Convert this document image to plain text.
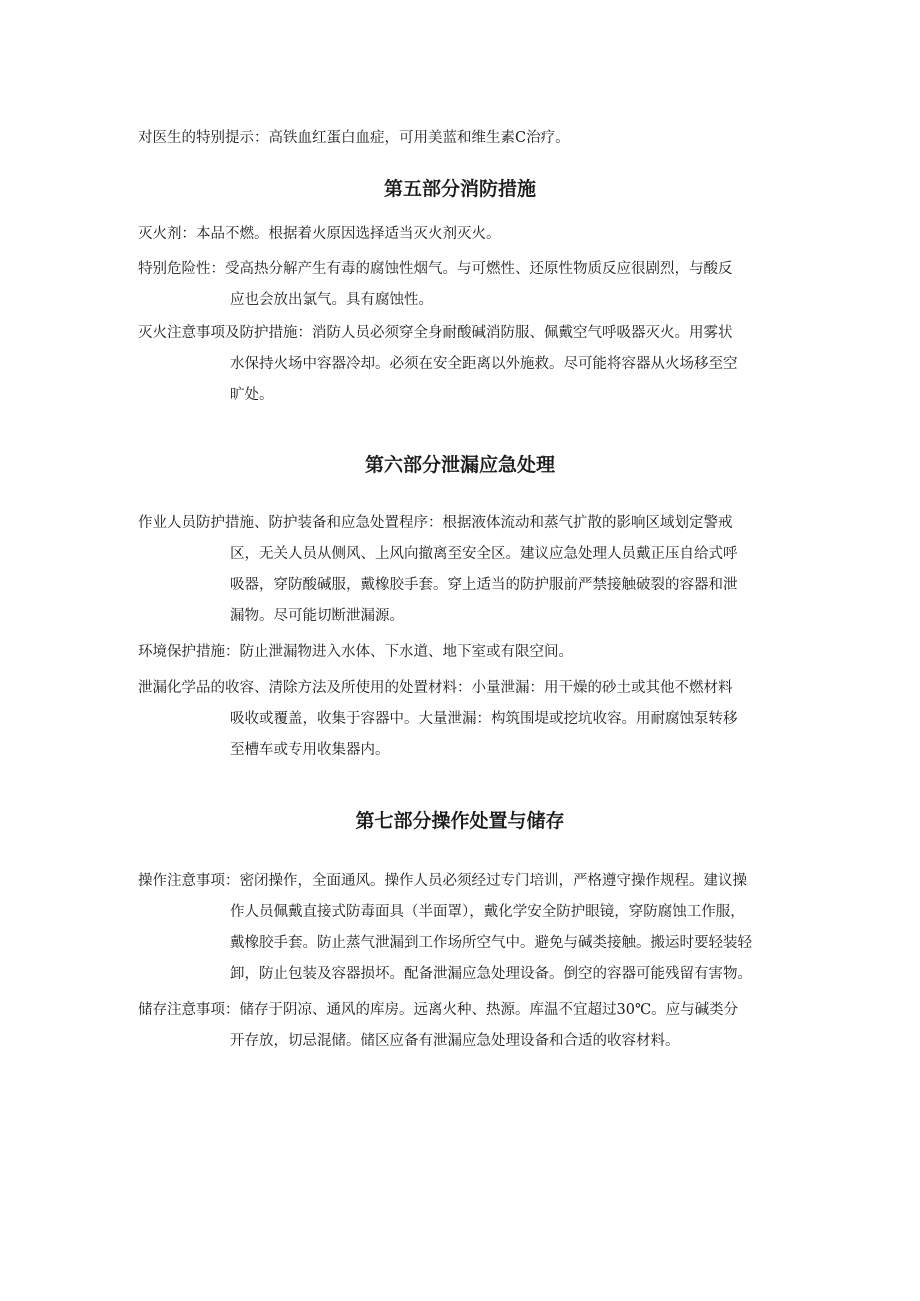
对医生的特别提示：高铁血红蛋白血症，可用美蓝和维生素C治疗。
第五部分消防措施
灭火剂：本品不燃。根据着火原因选择适当灭火剂灭火。
特别危险性：受高热分解产生有毒的腐蚀性烟气。与可燃性、还原性物质反应很剧烈，与酸反
应也会放出氯气。具有腐蚀性。
灭火注意事项及防护措施：消防人员必须穿全身耐酸碱消防服、佩戴空气呼吸器灭火。用雾状
水保持火场中容器冷却。必须在安全距离以外施救。尽可能将容器从火场移至空
旷处。
第六部分泄漏应急处理
作业人员防护措施、防护装备和应急处置程序：根据液体流动和蒸气扩散的影响区域划定警戒
区，无关人员从侧风、上风向撤离至安全区。建议应急处理人员戴正压自给式呼
吸器，穿防酸碱服，戴橡胶手套。穿上适当的防护服前严禁接触破裂的容器和泄
漏物。尽可能切断泄漏源。
环境保护措施：防止泄漏物进入水体、下水道、地下室或有限空间。
泄漏化学品的收容、清除方法及所使用的处置材料：小量泄漏：用干燥的砂土或其他不燃材料
吸收或覆盖，收集于容器中。大量泄漏：构筑围堤或挖坑收容。用耐腐蚀泵转移
至槽车或专用收集器内。
第七部分操作处置与储存
操作注意事项：密闭操作，全面通风。操作人员必须经过专门培训，严格遵守操作规程。建议操
作人员佩戴直接式防毒面具（半面罩），戴化学安全防护眼镜，穿防腐蚀工作服，
戴橡胶手套。防止蒸气泄漏到工作场所空气中。避免与碱类接触。搬运时要轻装轻
卸，防止包装及容器损坏。配备泄漏应急处理设备。倒空的容器可能残留有害物。
储存注意事项：储存于阴凉、通风的库房。远离火种、热源。库温不宜超过30℃。应与碱类分
开存放，切忌混储。储区应备有泄漏应急处理设备和合适的收容材料。
